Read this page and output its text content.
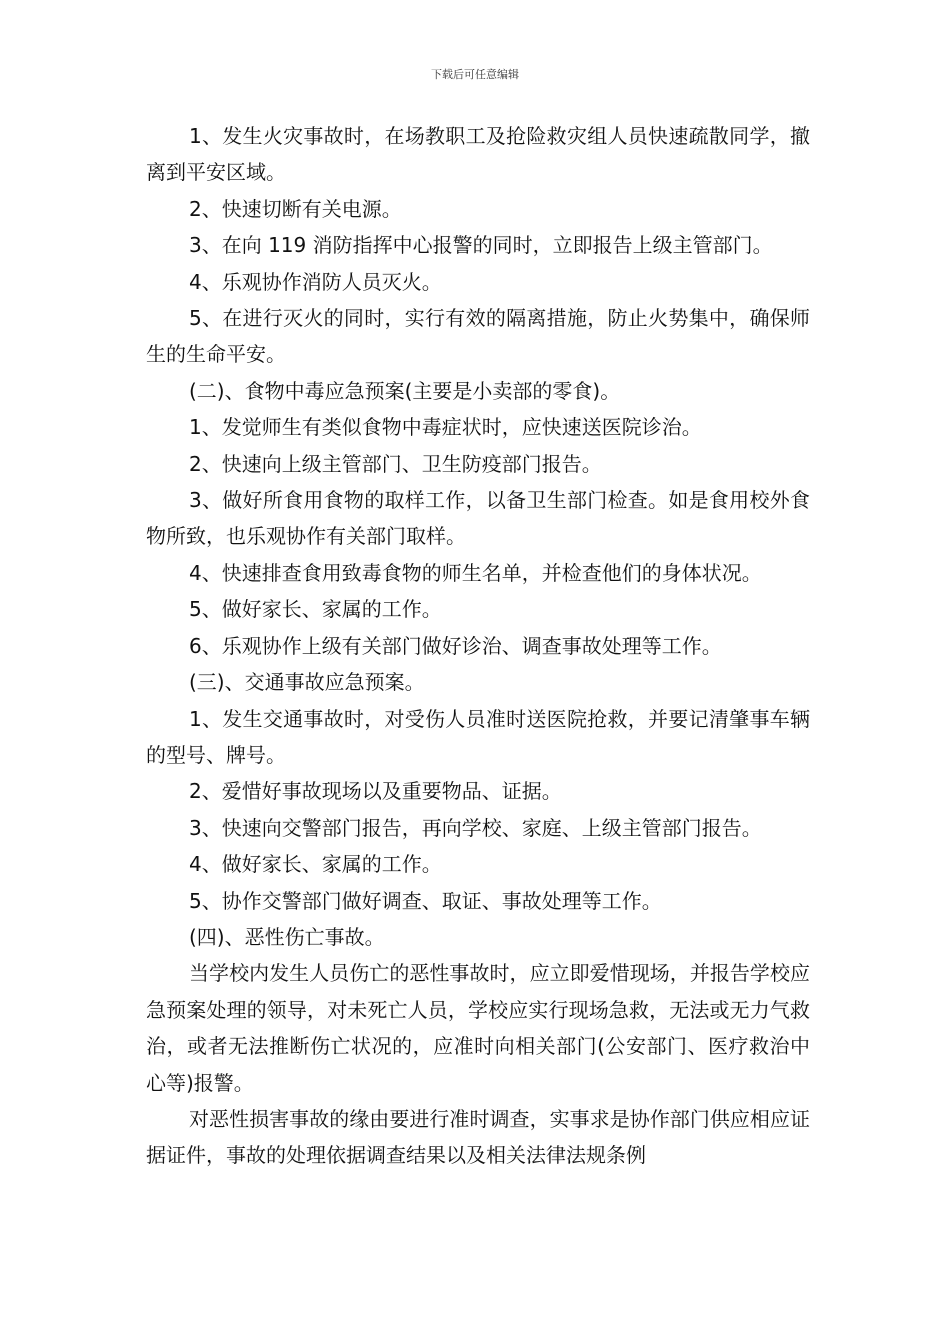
下载后可任意编辑

1、发生火灾事故时，在场教职工及抢险救灾组人员快速疏散同学，撤离到平安区域。

2、快速切断有关电源。

3、在向 119 消防指挥中心报警的同时，立即报告上级主管部门。

4、乐观协作消防人员灭火。

5、在进行灭火的同时，实行有效的隔离措施，防止火势集中，确保师生的生命平安。

(二)、食物中毒应急预案(主要是小卖部的零食)。

1、发觉师生有类似食物中毒症状时，应快速送医院诊治。

2、快速向上级主管部门、卫生防疫部门报告。

3、做好所食用食物的取样工作，以备卫生部门检查。如是食用校外食物所致，也乐观协作有关部门取样。

4、快速排查食用致毒食物的师生名单，并检查他们的身体状况。

5、做好家长、家属的工作。

6、乐观协作上级有关部门做好诊治、调查事故处理等工作。

(三)、交通事故应急预案。

1、发生交通事故时，对受伤人员准时送医院抢救，并要记清肇事车辆的型号、牌号。

2、爱惜好事故现场以及重要物品、证据。

3、快速向交警部门报告，再向学校、家庭、上级主管部门报告。

4、做好家长、家属的工作。

5、协作交警部门做好调查、取证、事故处理等工作。

(四)、恶性伤亡事故。

当学校内发生人员伤亡的恶性事故时，应立即爱惜现场，并报告学校应急预案处理的领导，对未死亡人员，学校应实行现场急救，无法或无力气救治，或者无法推断伤亡状况的，应准时向相关部门(公安部门、医疗救治中心等)报警。

对恶性损害事故的缘由要进行准时调查，实事求是协作部门供应相应证据证件，事故的处理依据调查结果以及相关法律法规条例
